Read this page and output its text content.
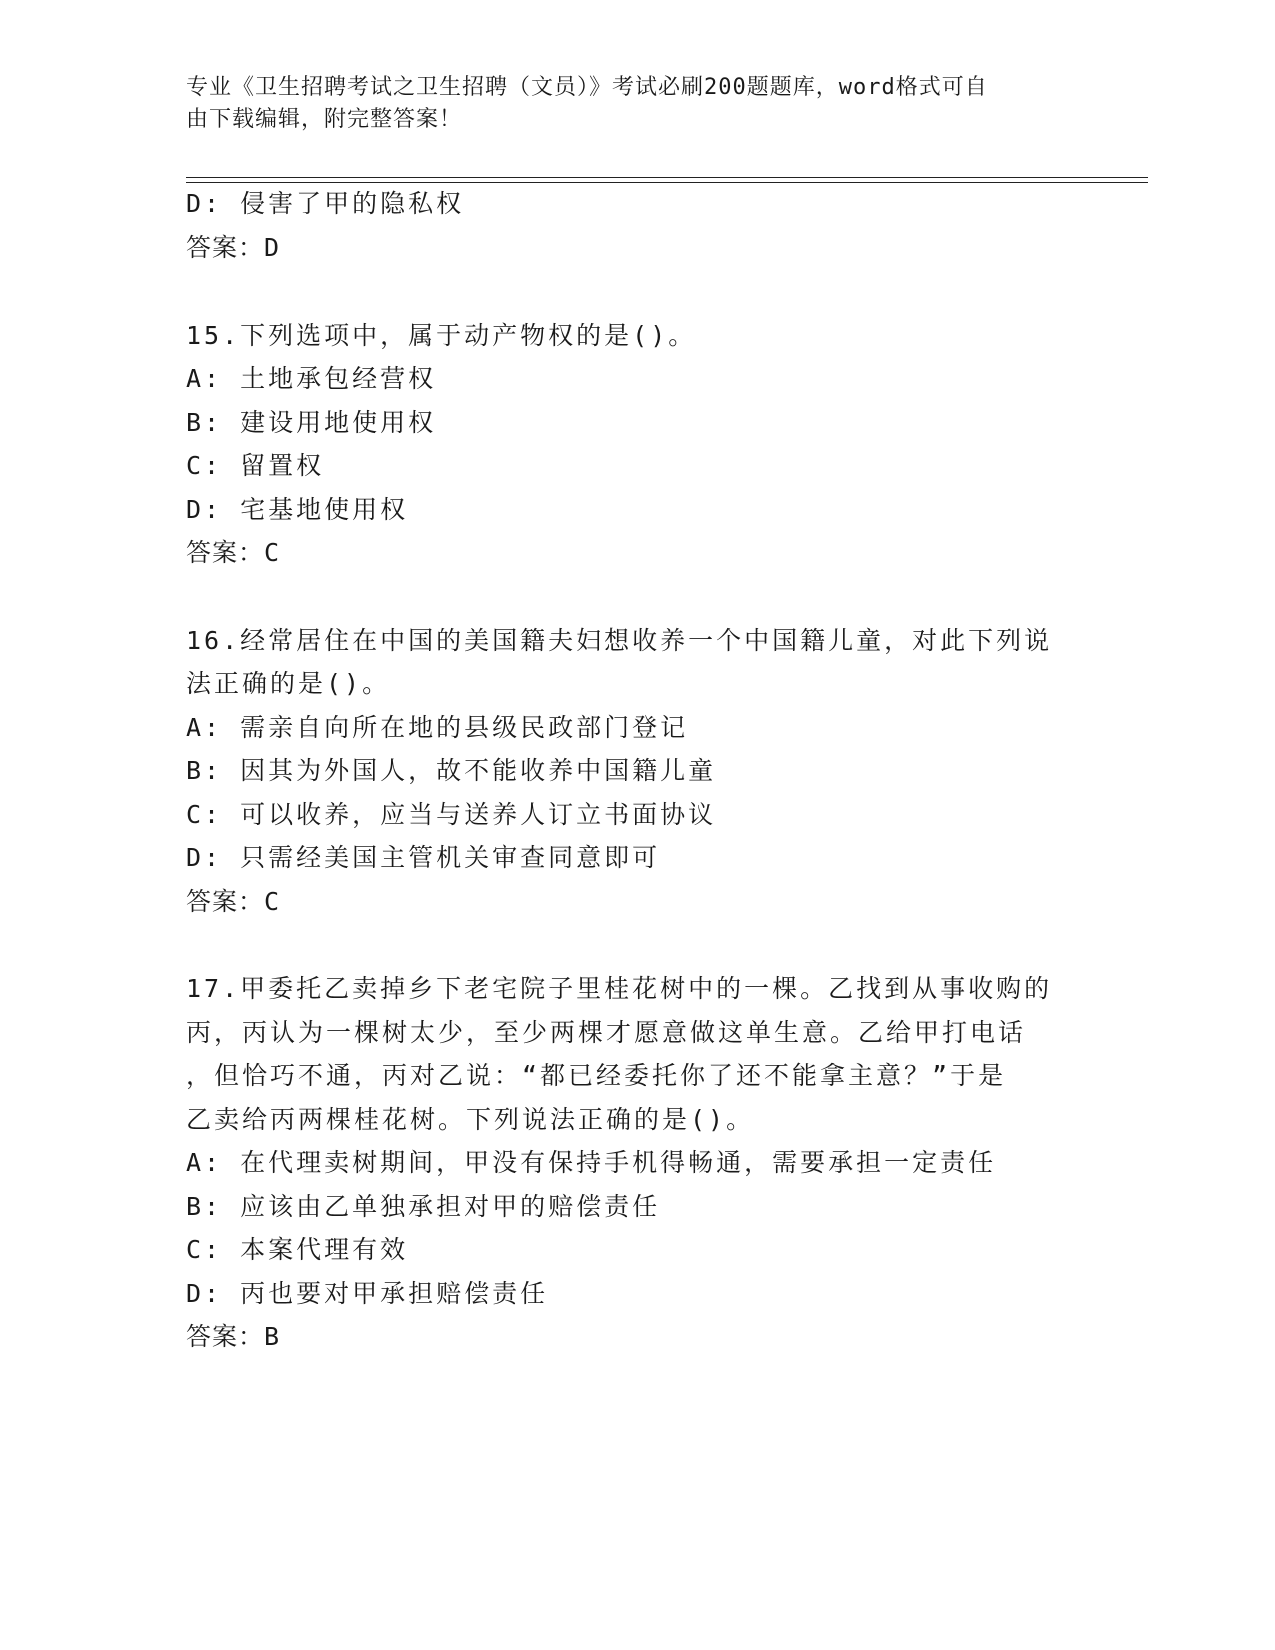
专业《卫生招聘考试之卫生招聘（文员）》考试必刷200题题库，word格式可自
由下载编辑，附完整答案！
D: 侵害了甲的隐私权
答案：D
15.下列选项中，属于动产物权的是()。
A: 土地承包经营权
B: 建设用地使用权
C: 留置权
D: 宅基地使用权
答案：C
16.经常居住在中国的美国籍夫妇想收养一个中国籍儿童，对此下列说
法正确的是()。
A: 需亲自向所在地的县级民政部门登记
B: 因其为外国人，故不能收养中国籍儿童
C: 可以收养，应当与送养人订立书面协议
D: 只需经美国主管机关审查同意即可
答案：C
17.甲委托乙卖掉乡下老宅院子里桂花树中的一棵。乙找到从事收购的
丙，丙认为一棵树太少，至少两棵才愿意做这单生意。乙给甲打电话
，但恰巧不通，丙对乙说：“都已经委托你了还不能拿主意？”于是
乙卖给丙两棵桂花树。下列说法正确的是()。
A: 在代理卖树期间，甲没有保持手机得畅通，需要承担一定责任
B: 应该由乙单独承担对甲的赔偿责任
C: 本案代理有效
D: 丙也要对甲承担赔偿责任
答案：B
